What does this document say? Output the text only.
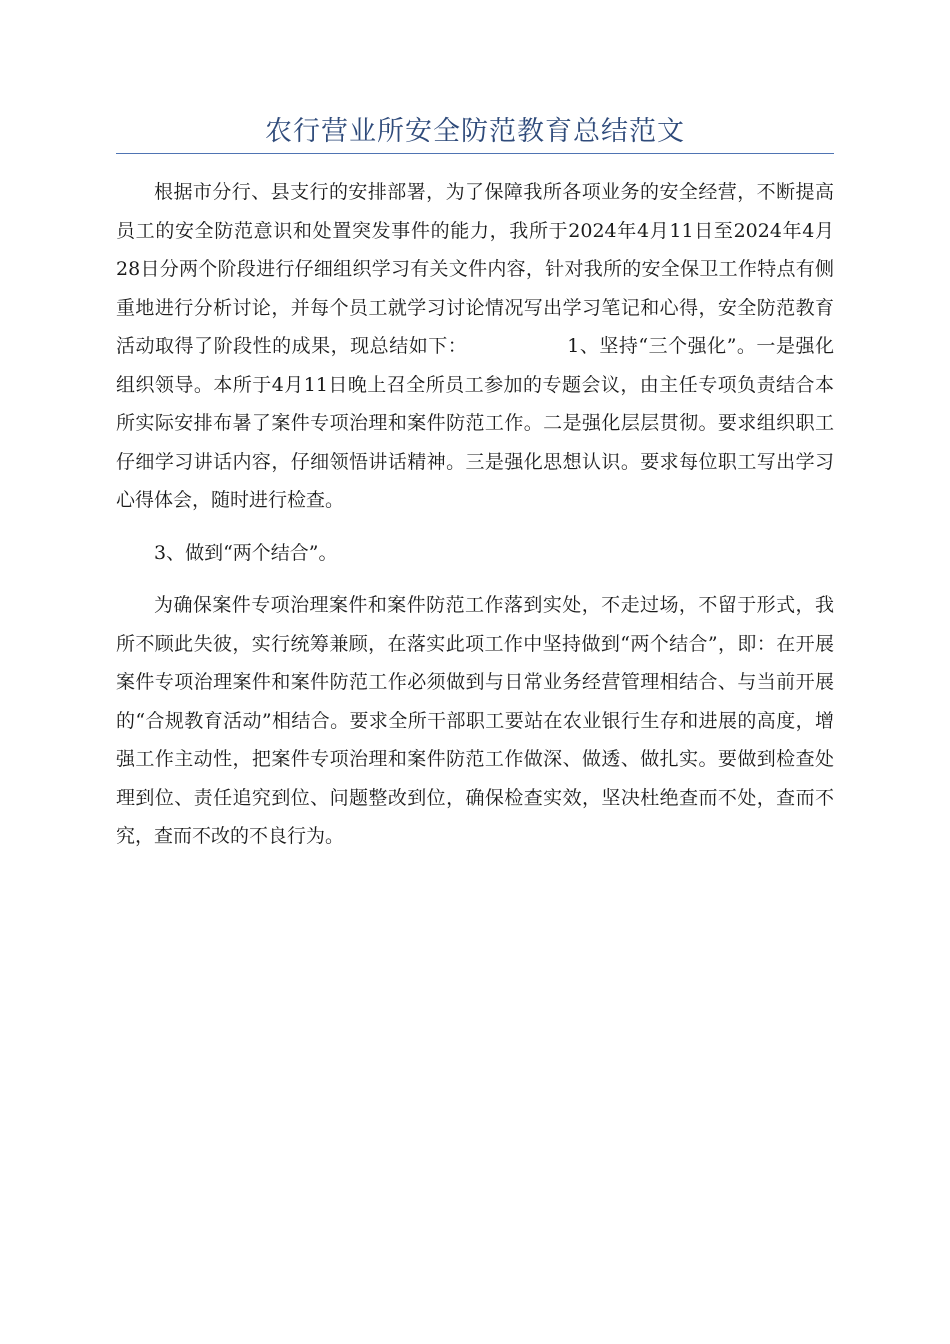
农行营业所安全防范教育总结范文

根据市分行、县支行的安排部署，为了保障我所各项业务的安全经营，不断提高员工的安全防范意识和处置突发事件的能力，我所于2024年4月11日至2024年4月28日分两个阶段进行仔细组织学习有关文件内容，针对我所的安全保卫工作特点有侧重地进行分析讨论，并每个员工就学习讨论情况写出学习笔记和心得，安全防范教育活动取得了阶段性的成果，现总结如下：	1、坚持“三个强化”。一是强化组织领导。本所于4月11日晚上召全所员工参加的专题会议，由主任专项负责结合本所实际安排布暑了案件专项治理和案件防范工作。二是强化层层贯彻。要求组织职工仔细学习讲话内容，仔细领悟讲话精神。三是强化思想认识。要求每位职工写出学习心得体会，随时进行检查。

3、做到“两个结合”。

为确保案件专项治理案件和案件防范工作落到实处，不走过场，不留于形式，我所不顾此失彼，实行统筹兼顾，在落实此项工作中坚持做到“两个结合”，即：在开展案件专项治理案件和案件防范工作必须做到与日常业务经营管理相结合、与当前开展的“合规教育活动”相结合。要求全所干部职工要站在农业银行生存和进展的高度，增强工作主动性，把案件专项治理和案件防范工作做深、做透、做扎实。要做到检查处理到位、责任追究到位、问题整改到位，确保检查实效，坚决杜绝查而不处，查而不究，查而不改的不良行为。
